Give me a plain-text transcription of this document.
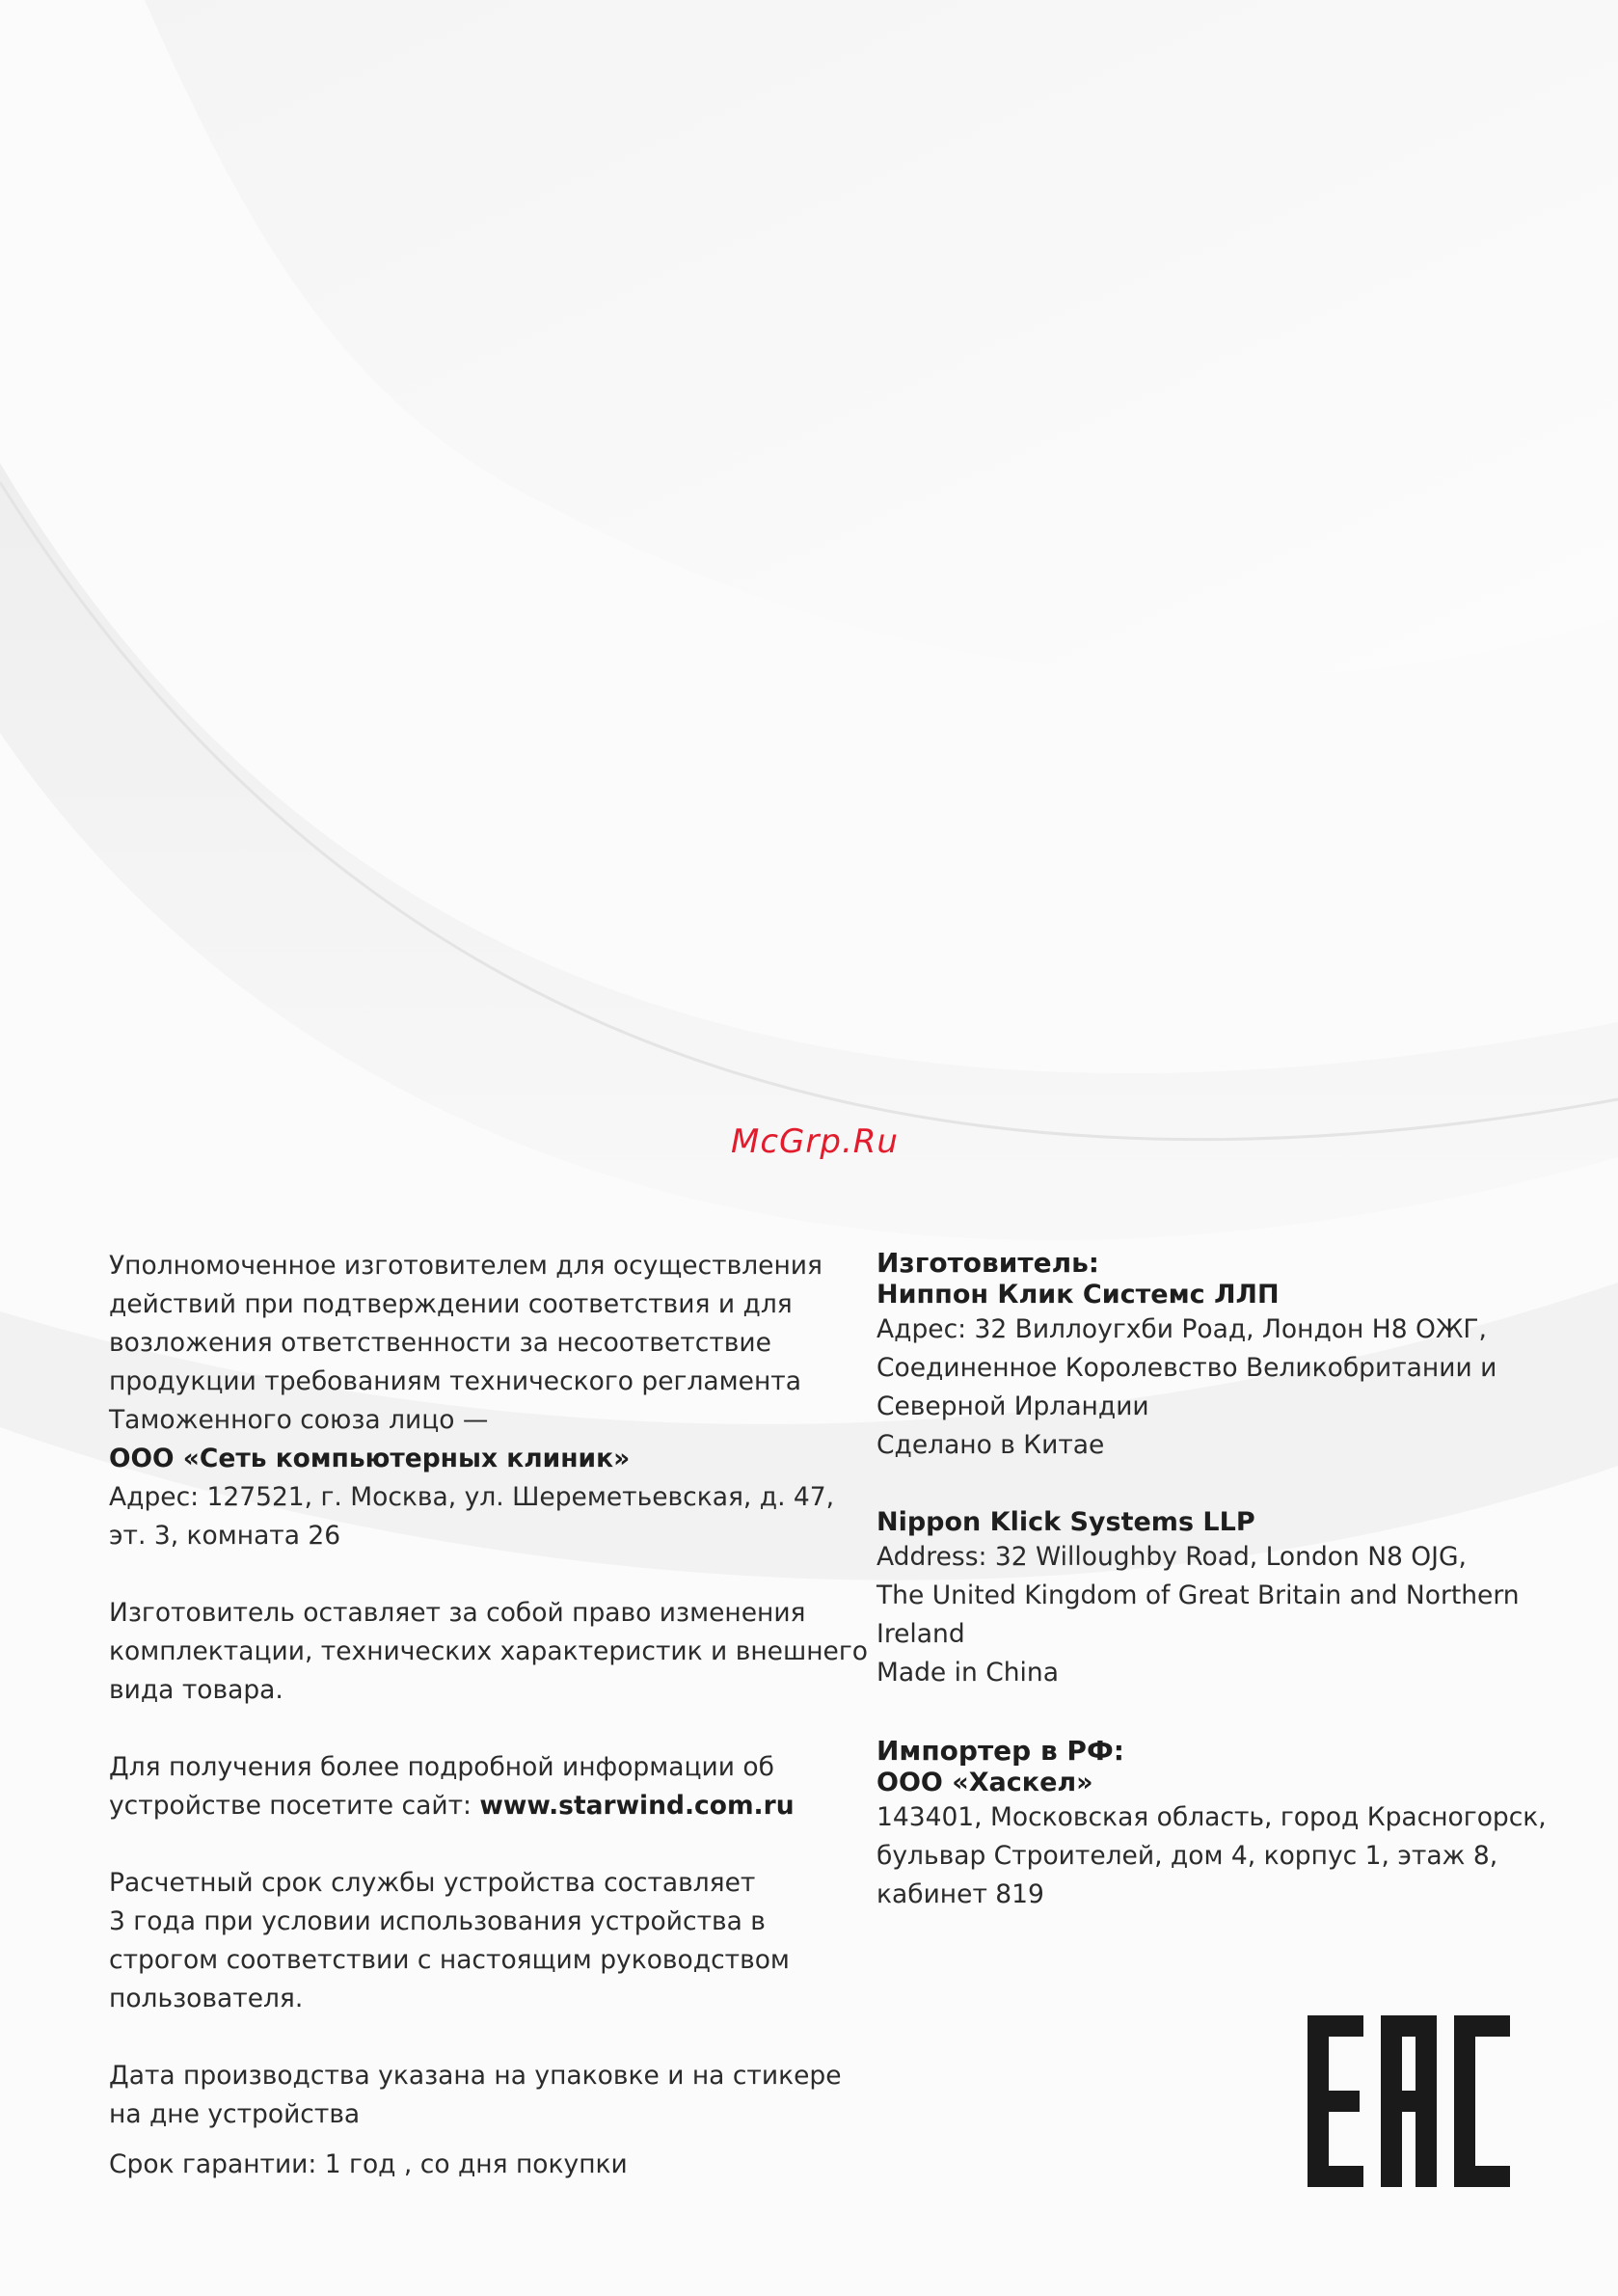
McGrp.Ru
Уполномоченное изготовителем для осуществления
действий при подтверждении соответствия и для
возложения ответственности за несоответствие
продукции требованиям технического регламента
Таможенного союза лицо —
ООО «Сеть компьютерных клиник»
Адрес: 127521, г. Москва, ул. Шереметьевская, д. 47,
эт. 3, комната 26
Изготовитель оставляет за собой право изменения
комплектации, технических характеристик и внешнего
вида товара.
Для получения более подробной информации об
устройстве посетите сайт: www.starwind.com.ru
Расчетный срок службы устройства составляет
3 года при условии использования устройства в
строгом соответствии с настоящим руководством
пользователя.
Дата производства указана на упаковке и на стикере
на дне устройства
Срок гарантии: 1 год , со дня покупки
Изготовитель:
Ниппон Клик Системс ЛЛП
Адрес: 32 Виллоугхби Роад, Лондон Н8 ОЖГ,
Соединенное Королевство Великобритании и
Северной Ирландии
Сделано в Китае
Nippon Klick Systems LLP
Address: 32 Willoughby Road, London N8 OJG,
The United Kingdom of Great Britain and Northern
Ireland
Made in China
Импортер в РФ:
ООО «Хаскел»
143401, Московская область, город Красногорск,
бульвар Строителей, дом 4, корпус 1, этаж 8,
кабинет 819
